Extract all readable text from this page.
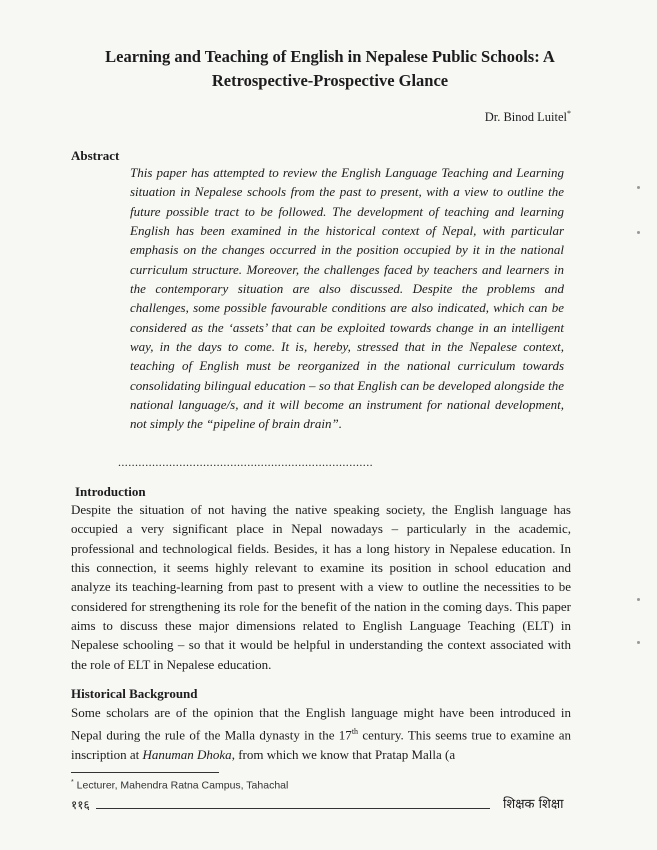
Learning and Teaching of English in Nepalese Public Schools: A
Retrospective-Prospective Glance
Dr. Binod Luitel*
Abstract
This paper has attempted to review the English Language Teaching and Learning situation in Nepalese schools from the past to present, with a view to outline the future possible tract to be followed. The development of teaching and learning English has been examined in the historical context of Nepal, with particular emphasis on the changes occurred in the position occupied by it in the national curriculum structure. Moreover, the challenges faced by teachers and learners in the contemporary situation are also discussed. Despite the problems and challenges, some possible favourable conditions are also indicated, which can be considered as the ‘assets’ that can be exploited towards change in an intelligent way, in the days to come. It is, hereby, stressed that in the Nepalese context, teaching of English must be reorganized in the national curriculum towards consolidating bilingual education – so that English can be developed alongside the national language/s, and it will become an instrument for national development, not simply the “pipeline of brain drain”.
...........................................................................
Introduction
Despite the situation of not having the native speaking society, the English language has occupied a very significant place in Nepal nowadays – particularly in the academic, professional and technological fields. Besides, it has a long history in Nepalese education. In this connection, it seems highly relevant to examine its position in school education and analyze its teaching-learning from past to present with a view to outline the necessities to be considered for strengthening its role for the benefit of the nation in the coming days. This paper aims to discuss these major dimensions related to English Language Teaching (ELT) in Nepalese schooling – so that it would be helpful in understanding the context associated with the role of ELT in Nepalese education.
Historical Background
Some scholars are of the opinion that the English language might have been introduced in Nepal during the rule of the Malla dynasty in the 17th century. This seems true to examine an inscription at Hanuman Dhoka, from which we know that Pratap Malla (a
* Lecturer, Mahendra Ratna Campus, Tahachal
११६	शिक्षक शिक्षा
